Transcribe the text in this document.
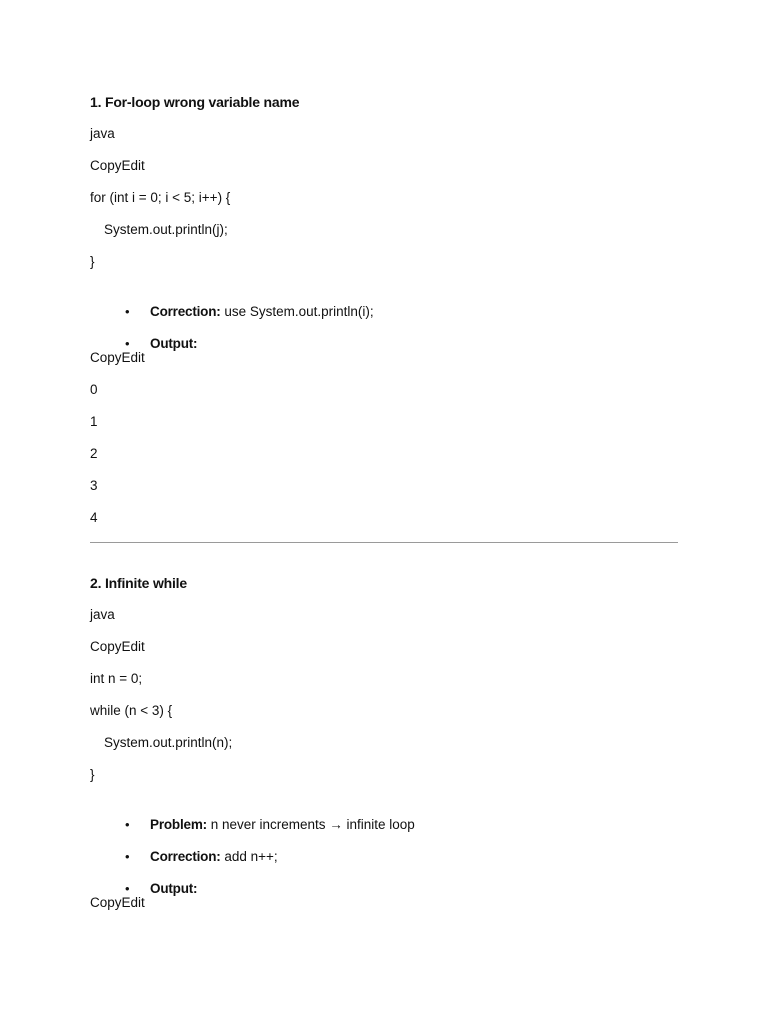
1. For-loop wrong variable name
java
CopyEdit
for (int i = 0; i < 5; i++) {
System.out.println(j);
}

• Correction: use System.out.println(i);

• Output:

CopyEdit
0
1
2
3
4
2. Infinite while
java
CopyEdit
int n = 0;
while (n < 3) {
System.out.println(n);
}

• Problem: n never increments → infinite loop

• Correction: add n++;

• Output:

CopyEdit
